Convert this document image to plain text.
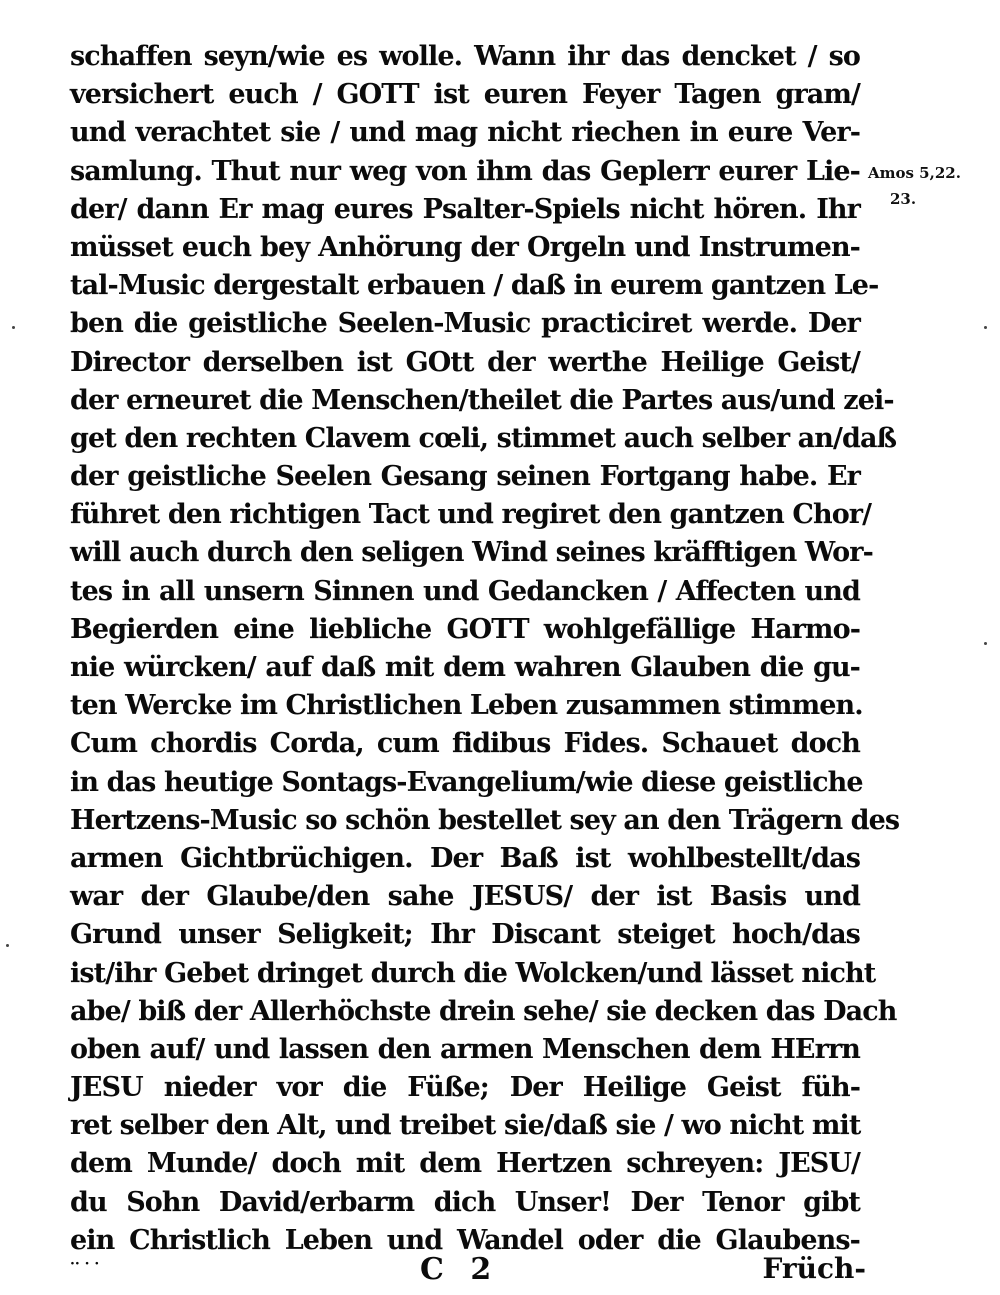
schaffen seyn/wie es wolle. Wann ihr das dencket / so
versichert euch / GOTT ist euren Feyer Tagen gram/
und verachtet sie / und mag nicht riechen in eure Ver-
samlung. Thut nur weg von ihm das Geplerr eurer Lie-
der/ dann Er mag eures Psalter-Spiels nicht hören. Ihr
müsset euch bey Anhörung der Orgeln und Instrumen-
tal-Music dergestalt erbauen / daß in eurem gantzen Le-
ben die geistliche Seelen-Music practiciret werde. Der
Director derselben ist GOtt der werthe Heilige Geist/
der erneuret die Menschen/theilet die Partes aus/und zei-
get den rechten Clavem cœli, stimmet auch selber an/daß
der geistliche Seelen Gesang seinen Fortgang habe. Er
führet den richtigen Tact und regiret den gantzen Chor/
will auch durch den seligen Wind seines kräfftigen Wor-
tes in all unsern Sinnen und Gedancken / Affecten und
Begierden eine liebliche GOTT wohlgefällige Harmo-
nie würcken/ auf daß mit dem wahren Glauben die gu-
ten Wercke im Christlichen Leben zusammen stimmen.
Cum chordis Corda, cum fidibus Fides. Schauet doch
in das heutige Sontags-Evangelium/wie diese geistliche
Hertzens-Music so schön bestellet sey an den Trägern des
armen Gichtbrüchigen. Der Baß ist wohlbestellt/das
war der Glaube/den sahe JESUS/ der ist Basis und
Grund unser Seligkeit; Ihr Discant steiget hoch/das
ist/ihr Gebet dringet durch die Wolcken/und lässet nicht
abe/ biß der Allerhöchste drein sehe/ sie decken das Dach
oben auf/ und lassen den armen Menschen dem HErrn
JESU nieder vor die Füße; Der Heilige Geist füh-
ret selber den Alt, und treibet sie/daß sie / wo nicht mit
dem Munde/ doch mit dem Hertzen schreyen: JESU/
du Sohn David/erbarm dich Unser! Der Tenor gibt
ein Christlich Leben und Wandel oder die Glaubens-
Amos 5,22.
23.
·· · ·	C 2	Früch-
